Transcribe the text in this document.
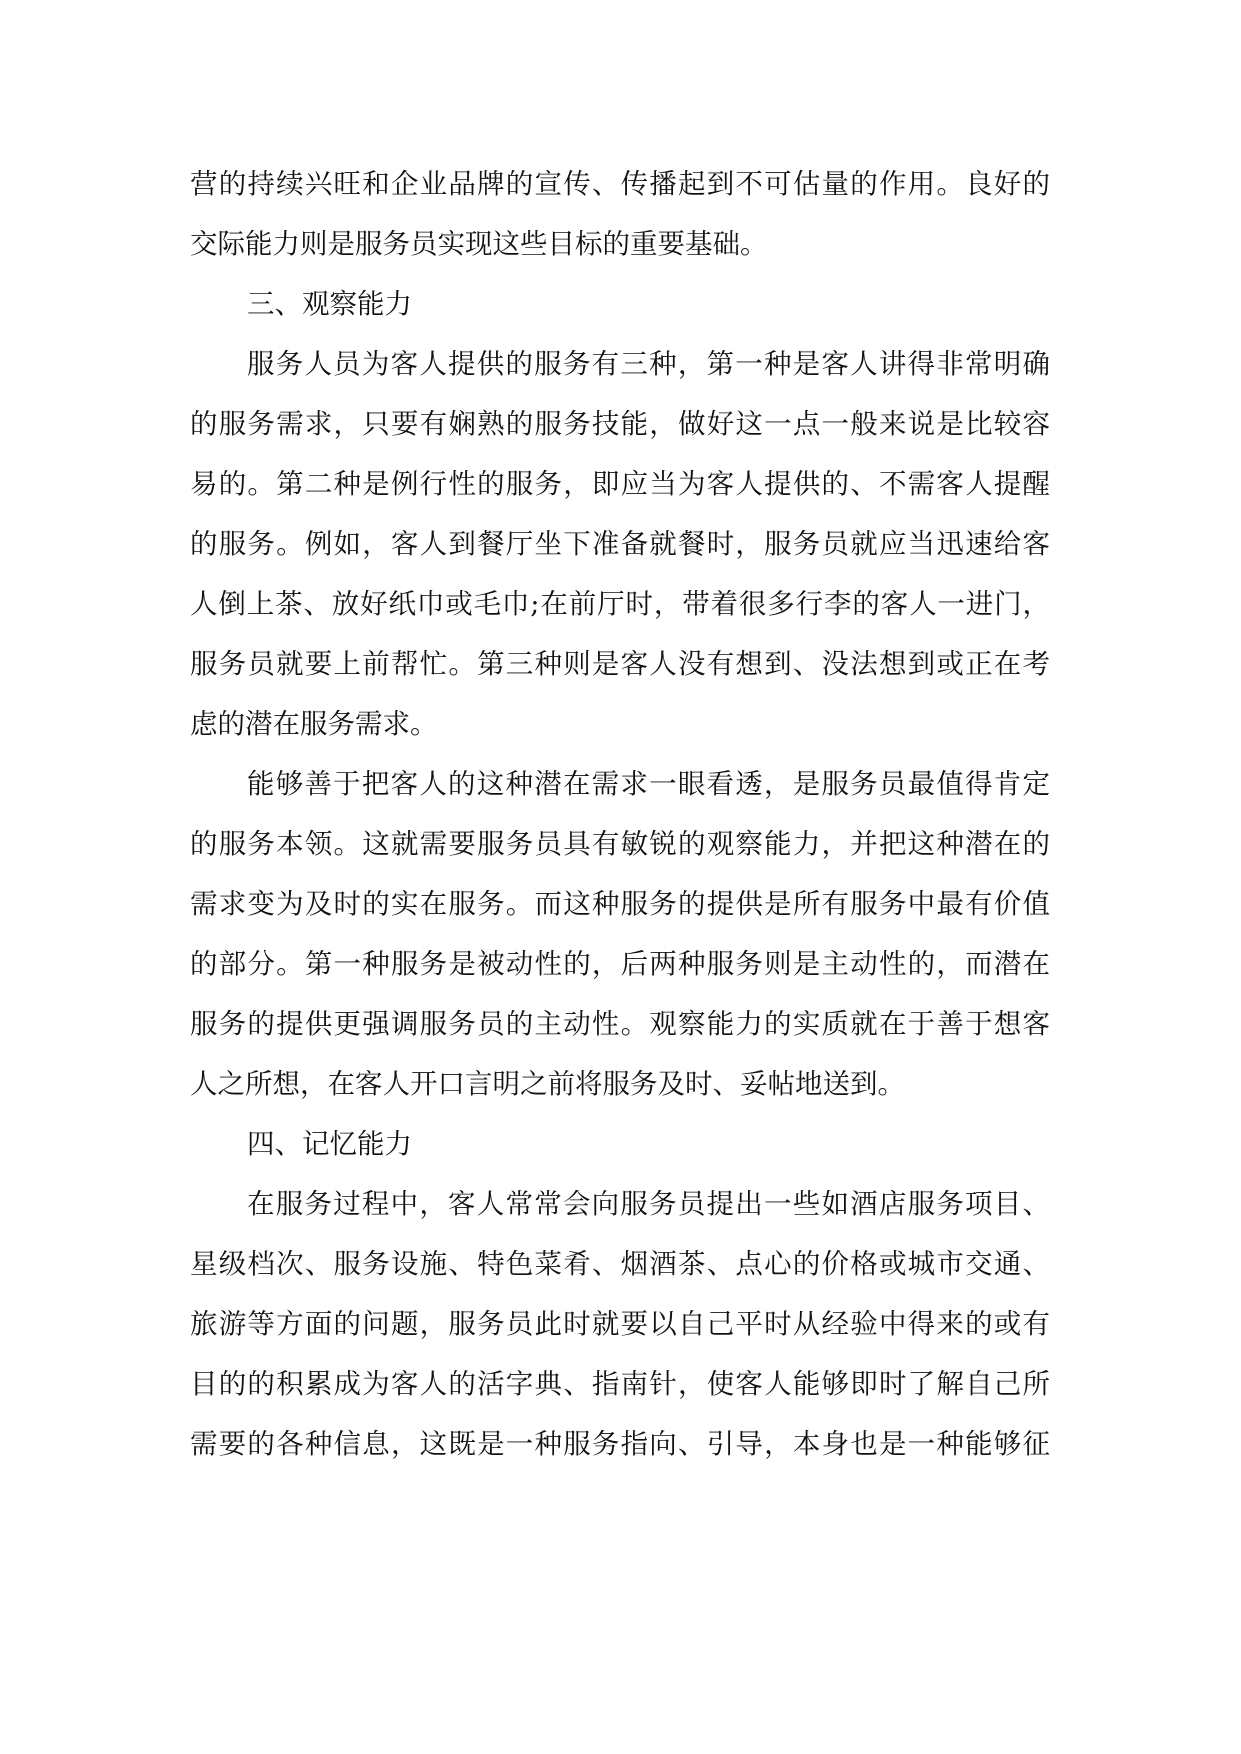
营的持续兴旺和企业品牌的宣传、传播起到不可估量的作用。良好的
交际能力则是服务员实现这些目标的重要基础。
三、观察能力
服务人员为客人提供的服务有三种，第一种是客人讲得非常明确
的服务需求，只要有娴熟的服务技能，做好这一点一般来说是比较容
易的。第二种是例行性的服务，即应当为客人提供的、不需客人提醒
的服务。例如，客人到餐厅坐下准备就餐时，服务员就应当迅速给客
人倒上茶、放好纸巾或毛巾;在前厅时，带着很多行李的客人一进门，
服务员就要上前帮忙。第三种则是客人没有想到、没法想到或正在考
虑的潜在服务需求。
能够善于把客人的这种潜在需求一眼看透，是服务员最值得肯定
的服务本领。这就需要服务员具有敏锐的观察能力，并把这种潜在的
需求变为及时的实在服务。而这种服务的提供是所有服务中最有价值
的部分。第一种服务是被动性的，后两种服务则是主动性的，而潜在
服务的提供更强调服务员的主动性。观察能力的实质就在于善于想客
人之所想，在客人开口言明之前将服务及时、妥帖地送到。
四、记忆能力
在服务过程中，客人常常会向服务员提出一些如酒店服务项目、
星级档次、服务设施、特色菜肴、烟酒茶、点心的价格或城市交通、
旅游等方面的问题，服务员此时就要以自己平时从经验中得来的或有
目的的积累成为客人的活字典、指南针，使客人能够即时了解自己所
需要的各种信息，这既是一种服务指向、引导，本身也是一种能够征
